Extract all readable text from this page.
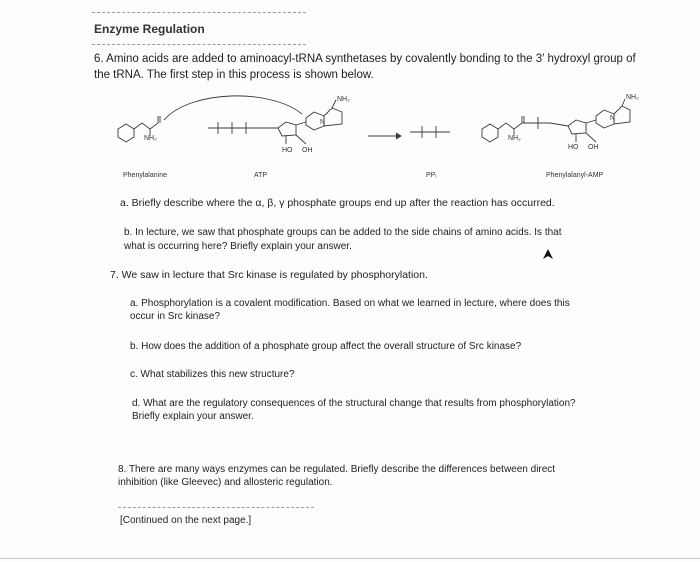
Enzyme Regulation
6. Amino acids are added to aminoacyl-tRNA synthetases by covalently bonding to the 3′ hydroxyl group of
the tRNA. The first step in this process is shown below.
NH₂
HO OH
NH₂
N
NH₂
HO OH
NH₂
N
Phenylalanine	ATP	PPᵢ	Phenylalanyl-AMP
a. Briefly describe where the α, β, γ phosphate groups end up after the reaction has occurred.
b. In lecture, we saw that phosphate groups can be added to the side chains of amino acids. Is that
what is occurring here? Briefly explain your answer.
7. We saw in lecture that Src kinase is regulated by phosphorylation.
a. Phosphorylation is a covalent modification. Based on what we learned in lecture, where does this
occur in Src kinase?
b. How does the addition of a phosphate group affect the overall structure of Src kinase?
c. What stabilizes this new structure?
d. What are the regulatory consequences of the structural change that results from phosphorylation?
Briefly explain your answer.
8. There are many ways enzymes can be regulated. Briefly describe the differences between direct
inhibition (like Gleevec) and allosteric regulation.
[Continued on the next page.]
